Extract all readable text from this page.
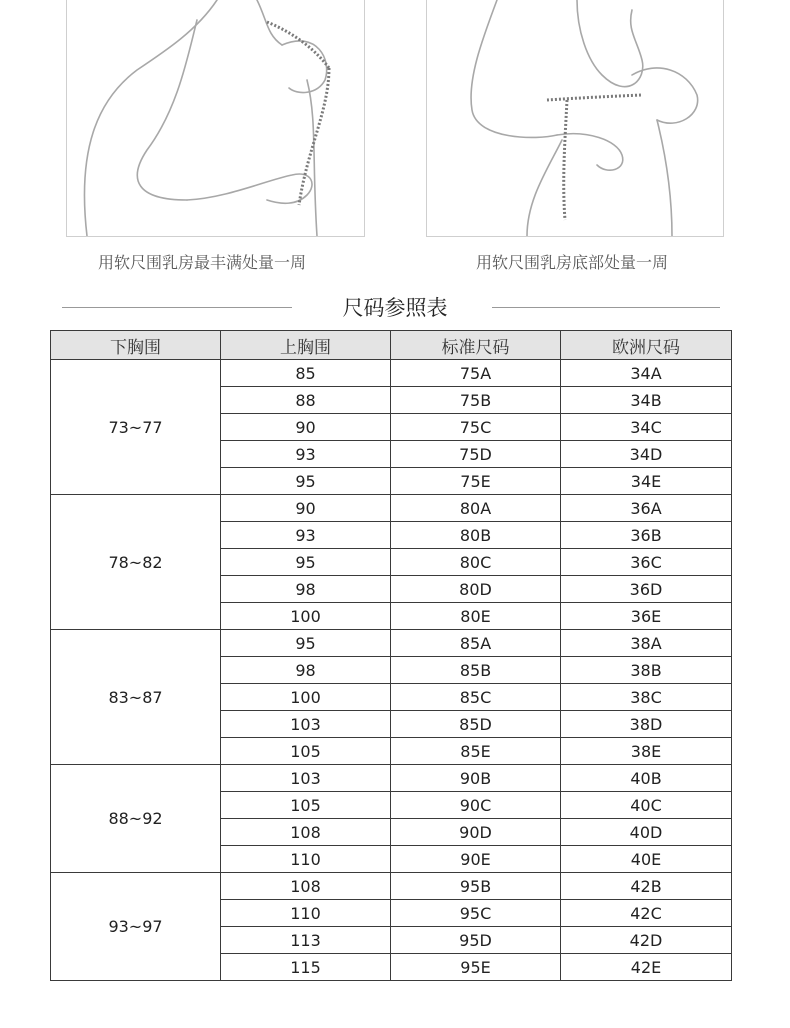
用软尺围乳房最丰满处量一周	用软尺围乳房底部处量一周
尺码参照表
下胸围	上胸围	标准尺码	欧洲尺码
73~77	85	75A	34A
	88	75B	34B
	90	75C	34C
	93	75D	34D
	95	75E	34E
78~82	90	80A	36A
	93	80B	36B
	95	80C	36C
	98	80D	36D
	100	80E	36E
83~87	95	85A	38A
	98	85B	38B
	100	85C	38C
	103	85D	38D
	105	85E	38E
88~92	103	90B	40B
	105	90C	40C
	108	90D	40D
	110	90E	40E
93~97	108	95B	42B
	110	95C	42C
	113	95D	42D
	115	95E	42E
